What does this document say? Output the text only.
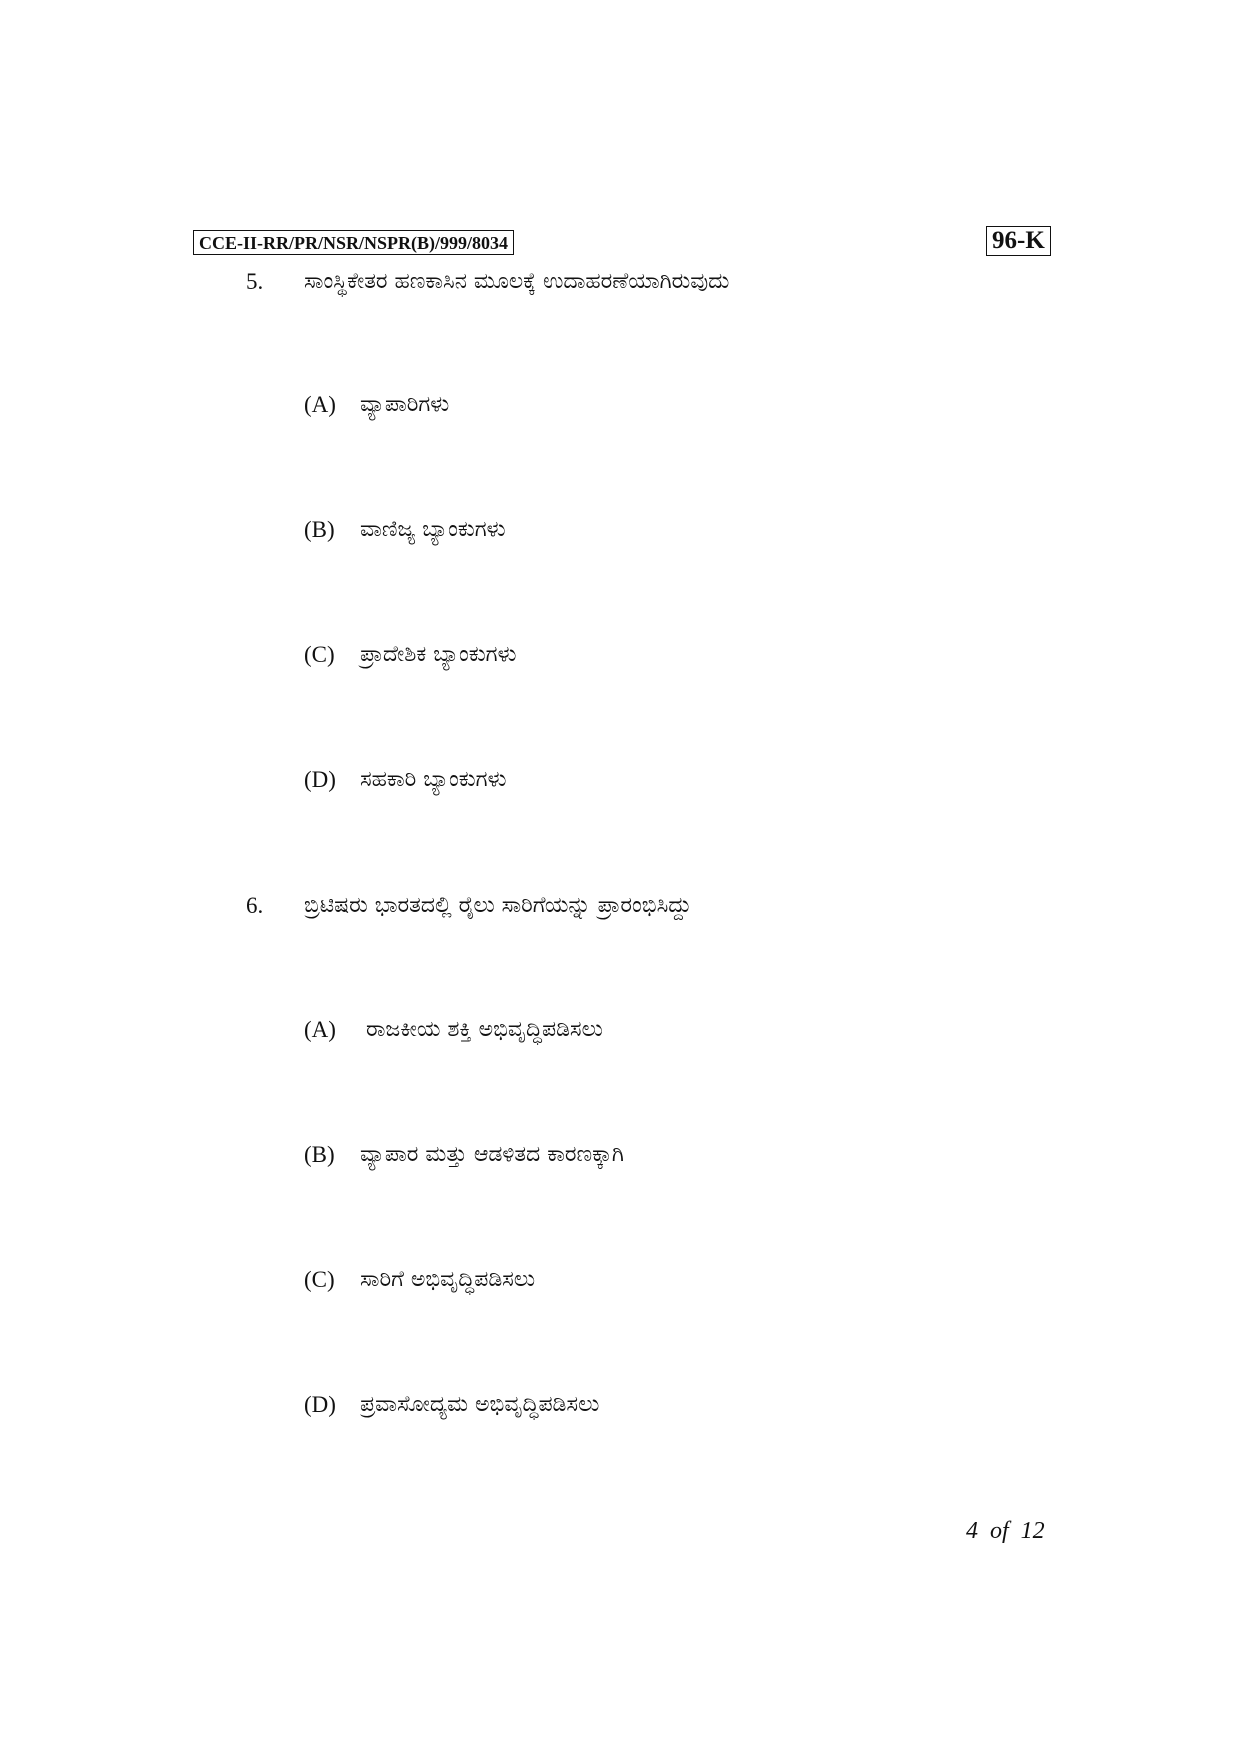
CCE-II-RR/PR/NSR/NSPR(B)/999/8034	96-K
5. ಸಾಂಸ್ಥಿಕೇತರ ಹಣಕಾಸಿನ ಮೂಲಕ್ಕೆ ಉದಾಹರಣೆಯಾಗಿರುವುದು
(A) ವ್ಯಾಪಾರಿಗಳು
(B) ವಾಣಿಜ್ಯ ಬ್ಯಾಂಕುಗಳು
(C) ಪ್ರಾದೇಶಿಕ ಬ್ಯಾಂಕುಗಳು
(D) ಸಹಕಾರಿ ಬ್ಯಾಂಕುಗಳು
6. ಬ್ರಿಟಿಷರು ಭಾರತದಲ್ಲಿ ರೈಲು ಸಾರಿಗೆಯನ್ನು ಪ್ರಾರಂಭಿಸಿದ್ದು
(A) ರಾಜಕೀಯ ಶಕ್ತಿ ಅಭಿವೃದ್ಧಿಪಡಿಸಲು
(B) ವ್ಯಾಪಾರ ಮತ್ತು ಆಡಳಿತದ ಕಾರಣಕ್ಕಾಗಿ
(C) ಸಾರಿಗೆ ಅಭಿವೃದ್ಧಿಪಡಿಸಲು
(D) ಪ್ರವಾಸೋದ್ಯಮ ಅಭಿವೃದ್ಧಿಪಡಿಸಲು
4 of 12
